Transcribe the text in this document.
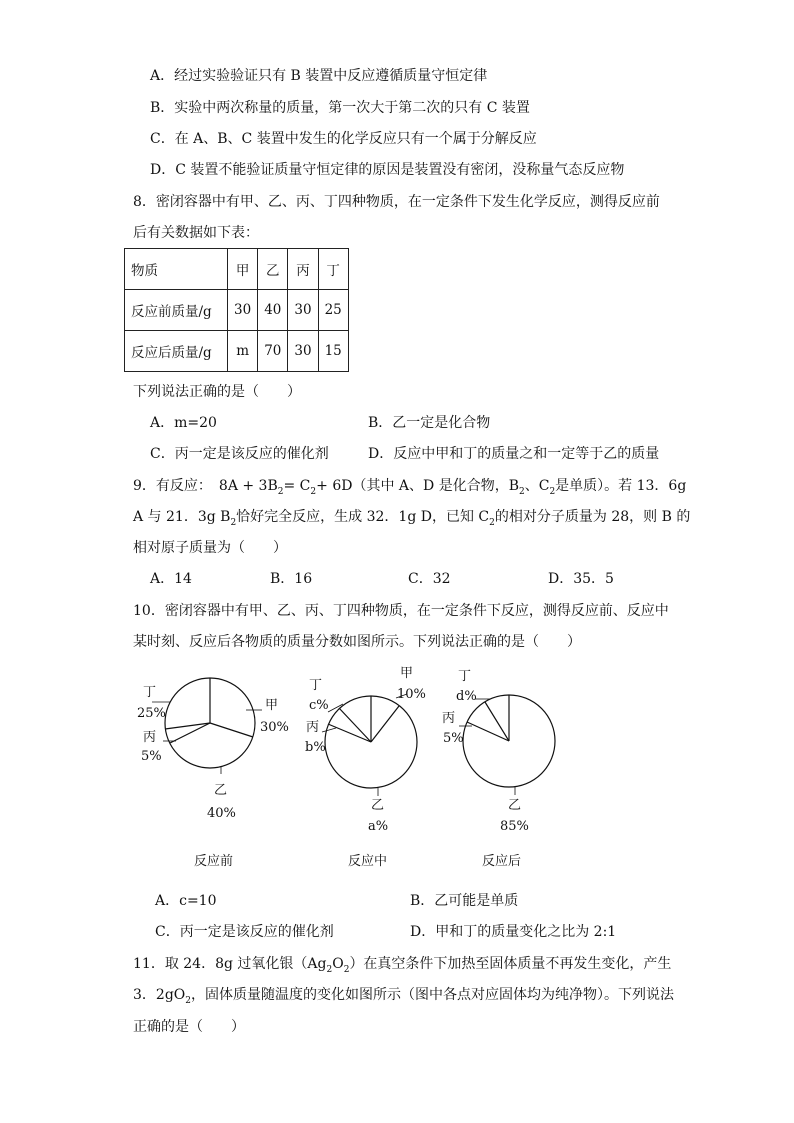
A．经过实验验证只有 B 装置中反应遵循质量守恒定律
B．实验中两次称量的质量，第一次大于第二次的只有 C 装置
C．在 A、B、C 装置中发生的化学反应只有一个属于分解反应
D．C 装置不能验证质量守恒定律的原因是装置没有密闭，没称量气态反应物
8．密闭容器中有甲、乙、丙、丁四种物质，在一定条件下发生化学反应，测得反应前
后有关数据如下表：
物质	甲	乙	丙	丁
反应前质量/g	30	40	30	25
反应后质量/g	m	70	30	15
下列说法正确的是（　　）
A．m=20	B．乙一定是化合物
C．丙一定是该反应的催化剂	D．反应中甲和丁的质量之和一定等于乙的质量
9．有反应：　$8A + 3B_2= C_2+ 6D$（其中 A、D 是化合物，$B_2$、$C_2$是单质）。若 13．6g
A 与 21．3g $B_2$恰好完全反应，生成 32．1g D，已知 $C_2$的相对分子质量为 28，则 B 的
相对原子质量为（　　）
A．14	B．16	C．32	D．35．5
10．密闭容器中有甲、乙、丙、丁四种物质，在一定条件下反应，测得反应前、反应中
某时刻、反应后各物质的质量分数如图所示。下列说法正确的是（　　）
丁
25%
甲
30%
丙
5%
乙
40%
反应前
丁
c%
甲
10%
丙
b%
乙
a%
反应中
丁
d%
丙
5%
乙
85%
反应后
A．c=10	B．乙可能是单质
C．丙一定是该反应的催化剂	D．甲和丁的质量变化之比为 2:1
11．取 24．8g 过氧化银$(Ag_2O_2)$在真空条件下加热至固体质量不再发生变化，产生
3．$2gO_2$，固体质量随温度的变化如图所示（图中各点对应固体均为纯净物）。下列说法
正确的是（　　）
